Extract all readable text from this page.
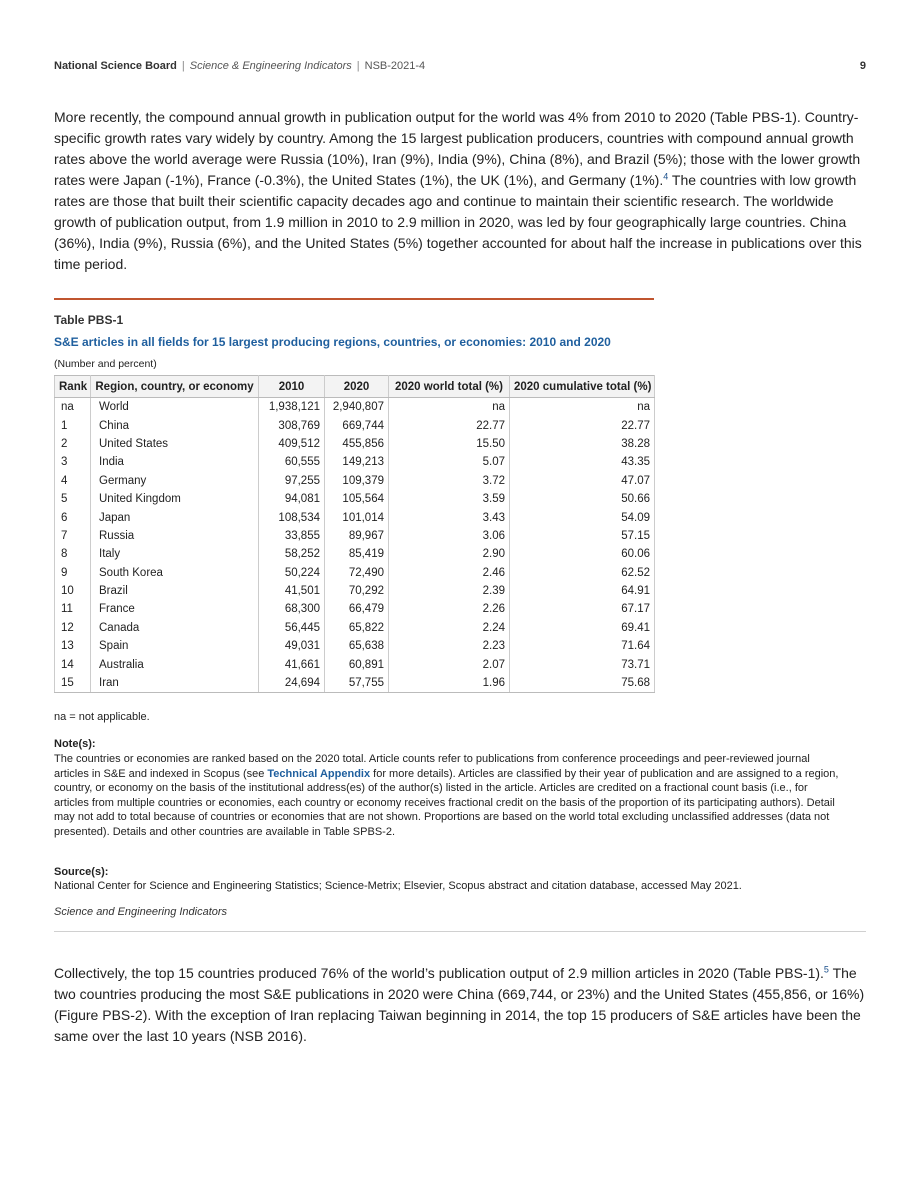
National Science Board | Science & Engineering Indicators | NSB-2021-4	9
More recently, the compound annual growth in publication output for the world was 4% from 2010 to 2020 (Table PBS-1). Country-specific growth rates vary widely by country. Among the 15 largest publication producers, countries with compound annual growth rates above the world average were Russia (10%), Iran (9%), India (9%), China (8%), and Brazil (5%); those with the lower growth rates were Japan (-1%), France (-0.3%), the United States (1%), the UK (1%), and Germany (1%).$^4$ The countries with low growth rates are those that built their scientific capacity decades ago and continue to maintain their scientific research. The worldwide growth of publication output, from 1.9 million in 2010 to 2.9 million in 2020, was led by four geographically large countries. China (36%), India (9%), Russia (6%), and the United States (5%) together accounted for about half the increase in publications over this time period.
Table PBS-1
S&E articles in all fields for 15 largest producing regions, countries, or economies: 2010 and 2020
(Number and percent)
Rank	Region, country, or economy	2010	2020	2020 world total (%)	2020 cumulative total (%)
na	World	1,938,121	2,940,807	na	na
1	China	308,769	669,744	22.77	22.77
2	United States	409,512	455,856	15.50	38.28
3	India	60,555	149,213	5.07	43.35
4	Germany	97,255	109,379	3.72	47.07
5	United Kingdom	94,081	105,564	3.59	50.66
6	Japan	108,534	101,014	3.43	54.09
7	Russia	33,855	89,967	3.06	57.15
8	Italy	58,252	85,419	2.90	60.06
9	South Korea	50,224	72,490	2.46	62.52
10	Brazil	41,501	70,292	2.39	64.91
11	France	68,300	66,479	2.26	67.17
12	Canada	56,445	65,822	2.24	69.41
13	Spain	49,031	65,638	2.23	71.64
14	Australia	41,661	60,891	2.07	73.71
15	Iran	24,694	57,755	1.96	75.68
na = not applicable.
Note(s):
The countries or economies are ranked based on the 2020 total. Article counts refer to publications from conference proceedings and peer-reviewed journal articles in S&E and indexed in Scopus (see Technical Appendix for more details). Articles are classified by their year of publication and are assigned to a region, country, or economy on the basis of the institutional address(es) of the author(s) listed in the article. Articles are credited on a fractional count basis (i.e., for articles from multiple countries or economies, each country or economy receives fractional credit on the basis of the proportion of its participating authors). Detail may not add to total because of countries or economies that are not shown. Proportions are based on the world total excluding unclassified addresses (data not presented). Details and other countries are available in Table SPBS-2.
Source(s):
National Center for Science and Engineering Statistics; Science-Metrix; Elsevier, Scopus abstract and citation database, accessed May 2021.
Science and Engineering Indicators
Collectively, the top 15 countries produced 76% of the world’s publication output of 2.9 million articles in 2020 (Table PBS-1).$^5$ The two countries producing the most S&E publications in 2020 were China (669,744, or 23%) and the United States (455,856, or 16%) (Figure PBS-2). With the exception of Iran replacing Taiwan beginning in 2014, the top 15 producers of S&E articles have been the same over the last 10 years (NSB 2016).
